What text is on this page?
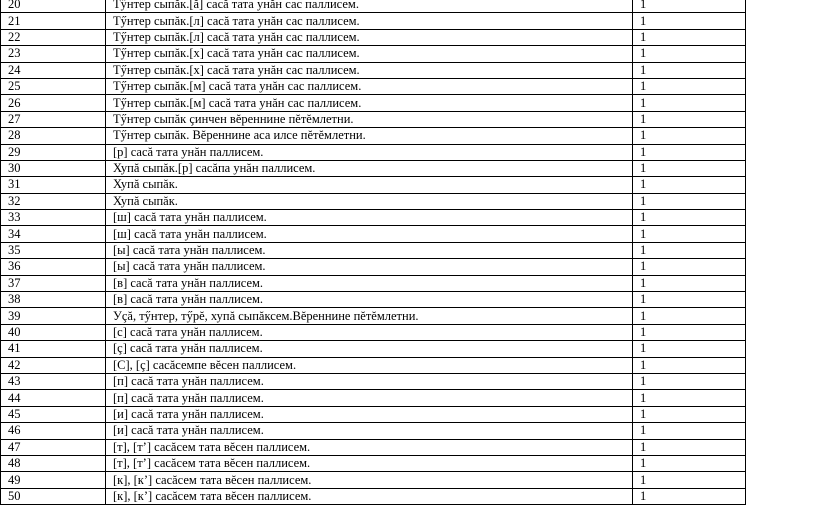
20	Тӳнтер сыпăк.[ă] сасă тата унăн сас паллисем.	1
21	Тӳнтер сыпăк.[л] сасă тата унăн сас паллисем.	1
22	Тӳнтер сыпăк.[л] сасă тата унăн сас паллисем.	1
23	Тӳнтер сыпăк.[х] сасă тата унăн сас паллисем.	1
24	Тӳнтер сыпăк.[х] сасă тата унăн сас паллисем.	1
25	Тӳнтер сыпăк.[м] сасă тата унăн сас паллисем.	1
26	Тӳнтер сыпăк.[м] сасă тата унăн сас паллисем.	1
27	Тӳнтер сыпăк ҫинчен вĕреннине пĕтĕмлетни.	1
28	Тӳнтер сыпăк. Вĕреннине аса илсе пĕтĕмлетни.	1
29	[р] сасă тата унăн паллисем.	1
30	Хупă сыпăк.[р] сасăпа унăн паллисем.	1
31	Хупă сыпăк.	1
32	Хупă сыпăк.	1
33	[ш] сасă тата унăн паллисем.	1
34	[ш] сасă тата унăн паллисем.	1
35	[ы] сасă тата унăн паллисем.	1
36	[ы] сасă тата унăн паллисем.	1
37	[в] сасă тата унăн паллисем.	1
38	[в] сасă тата унăн паллисем.	1
39	Уçă, тӳнтер, тӳрĕ, хупă сыпăксем.Вĕреннине пĕтĕмлетни.	1
40	[с] сасă тата унăн паллисем.	1
41	[ç] сасă тата унăн паллисем.	1
42	[С], [ç] сасăсемпе вĕсен паллисем.	1
43	[п] сасă тата унăн паллисем.	1
44	[п] сасă тата унăн паллисем.	1
45	[и] сасă тата унăн паллисем.	1
46	[и] сасă тата унăн паллисем.	1
47	[т], [т’] сасăсем тата вĕсен паллисем.	1
48	[т], [т’] сасăсем тата вĕсен паллисем.	1
49	[к], [к’] сасăсем тата вĕсен паллисем.	1
50	[к], [к’] сасăсем тата вĕсен паллисем.	1
